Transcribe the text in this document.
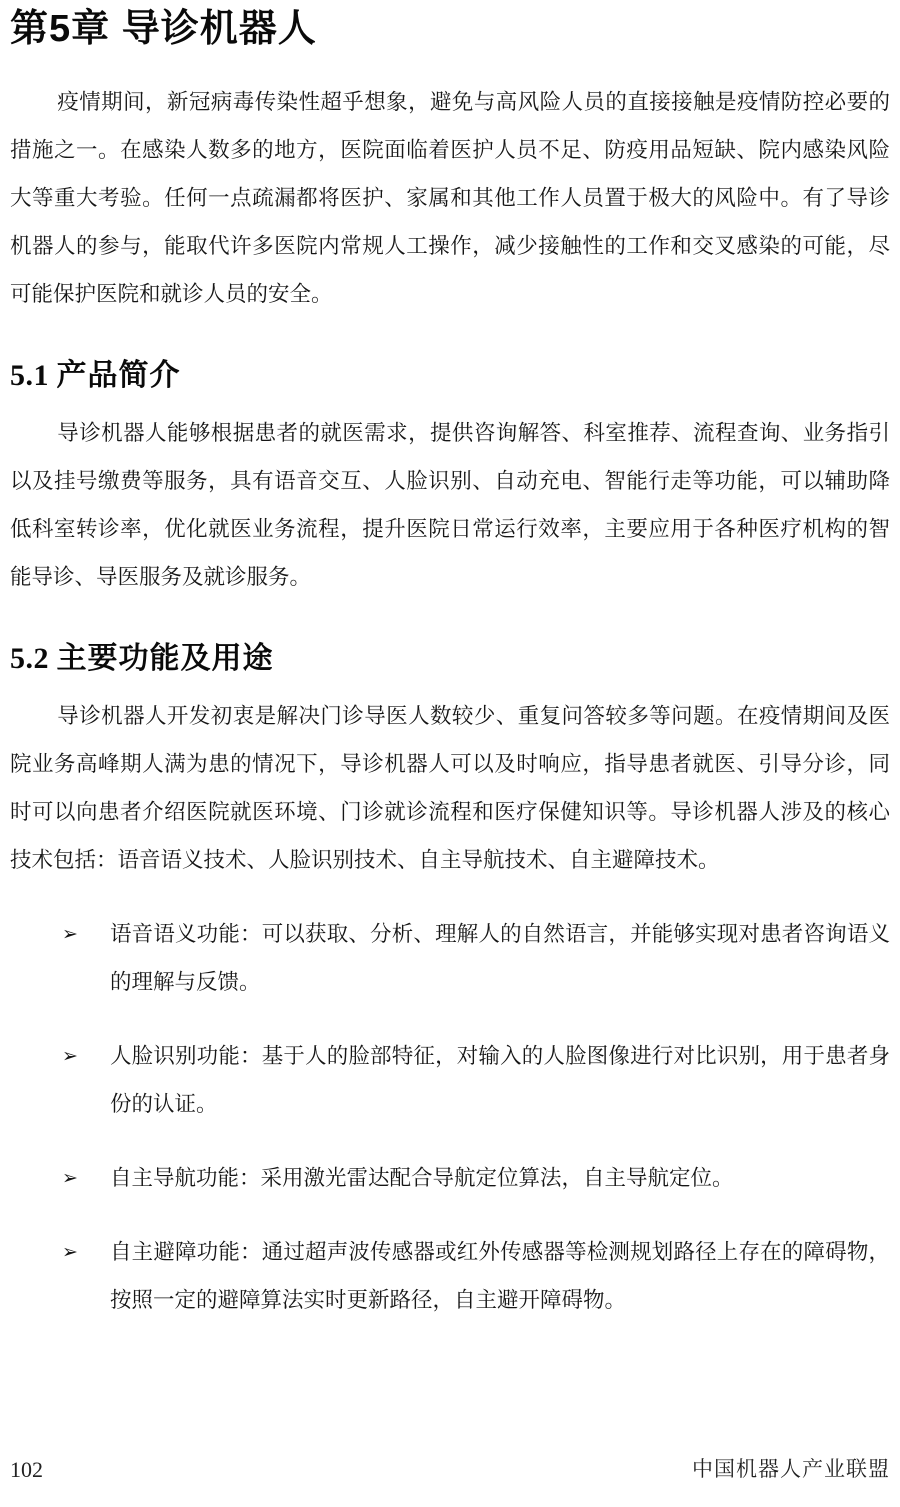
第5章 导诊机器人

疫情期间，新冠病毒传染性超乎想象，避免与高风险人员的直接接触是疫情防控必要的措施之一。在感染人数多的地方，医院面临着医护人员不足、防疫用品短缺、院内感染风险大等重大考验。任何一点疏漏都将医护、家属和其他工作人员置于极大的风险中。有了导诊机器人的参与，能取代许多医院内常规人工操作，减少接触性的工作和交叉感染的可能，尽可能保护医院和就诊人员的安全。

5.1 产品简介

导诊机器人能够根据患者的就医需求，提供咨询解答、科室推荐、流程查询、业务指引以及挂号缴费等服务，具有语音交互、人脸识别、自动充电、智能行走等功能，可以辅助降低科室转诊率，优化就医业务流程，提升医院日常运行效率，主要应用于各种医疗机构的智能导诊、导医服务及就诊服务。

5.2 主要功能及用途

导诊机器人开发初衷是解决门诊导医人数较少、重复问答较多等问题。在疫情期间及医院业务高峰期人满为患的情况下，导诊机器人可以及时响应，指导患者就医、引导分诊，同时可以向患者介绍医院就医环境、门诊就诊流程和医疗保健知识等。导诊机器人涉及的核心技术包括：语音语义技术、人脸识别技术、自主导航技术、自主避障技术。

➢	语音语义功能：可以获取、分析、理解人的自然语言，并能够实现对患者咨询语义的理解与反馈。
➢	人脸识别功能：基于人的脸部特征，对输入的人脸图像进行对比识别，用于患者身份的认证。
➢	自主导航功能：采用激光雷达配合导航定位算法，自主导航定位。
➢	自主避障功能：通过超声波传感器或红外传感器等检测规划路径上存在的障碍物，按照一定的避障算法实时更新路径，自主避开障碍物。
102	中国机器人产业联盟
